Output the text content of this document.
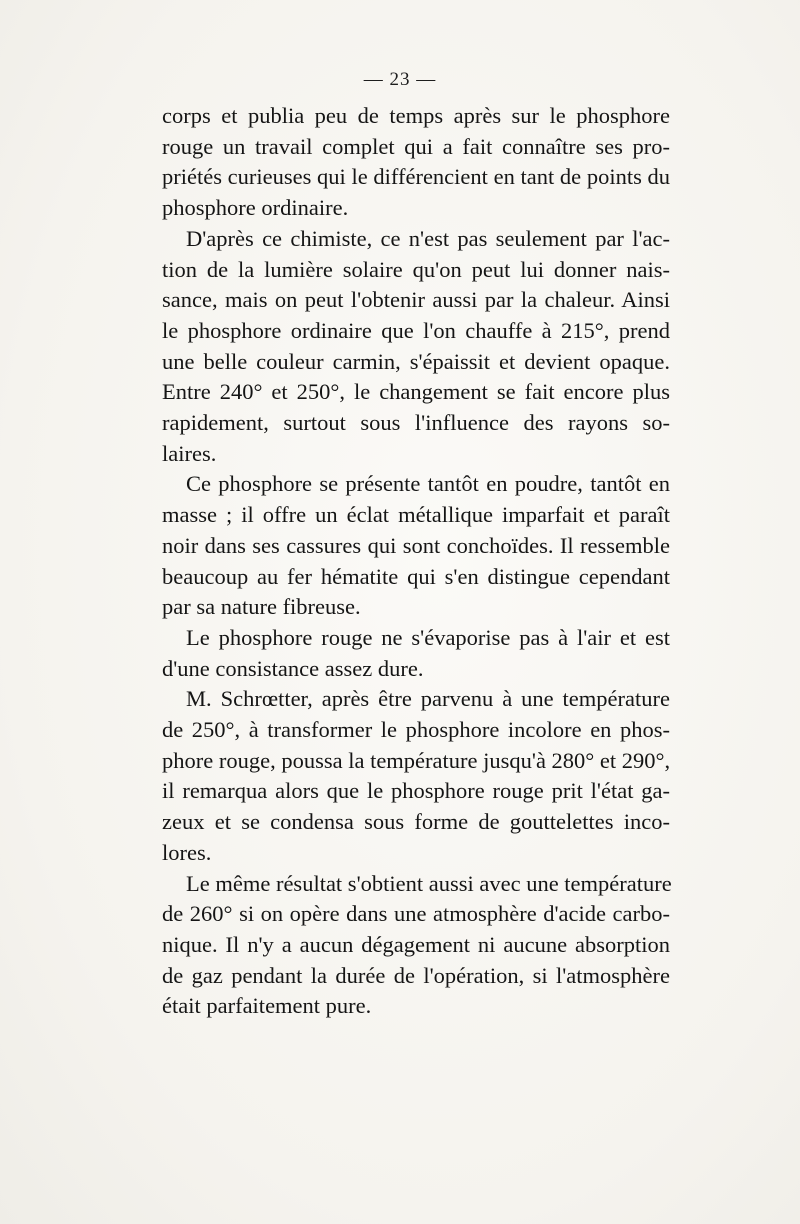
— 23 —
corps et publia peu de temps après sur le phosphore
rouge un travail complet qui a fait connaître ses pro-
priétés curieuses qui le différencient en tant de points du
phosphore ordinaire.
D'après ce chimiste, ce n'est pas seulement par l'ac-
tion de la lumière solaire qu'on peut lui donner nais-
sance, mais on peut l'obtenir aussi par la chaleur. Ainsi
le phosphore ordinaire que l'on chauffe à 215°, prend
une belle couleur carmin, s'épaissit et devient opaque.
Entre 240° et 250°, le changement se fait encore plus
rapidement, surtout sous l'influence des rayons so-
laires.
Ce phosphore se présente tantôt en poudre, tantôt en
masse ; il offre un éclat métallique imparfait et paraît
noir dans ses cassures qui sont conchoïdes. Il ressemble
beaucoup au fer hématite qui s'en distingue cependant
par sa nature fibreuse.
Le phosphore rouge ne s'évaporise pas à l'air et est
d'une consistance assez dure.
M. Schrœtter, après être parvenu à une température
de 250°, à transformer le phosphore incolore en phos-
phore rouge, poussa la température jusqu'à 280° et 290°,
il remarqua alors que le phosphore rouge prit l'état ga-
zeux et se condensa sous forme de gouttelettes inco-
lores.
Le même résultat s'obtient aussi avec une température
de 260° si on opère dans une atmosphère d'acide carbo-
nique. Il n'y a aucun dégagement ni aucune absorption
de gaz pendant la durée de l'opération, si l'atmosphère
était parfaitement pure.
